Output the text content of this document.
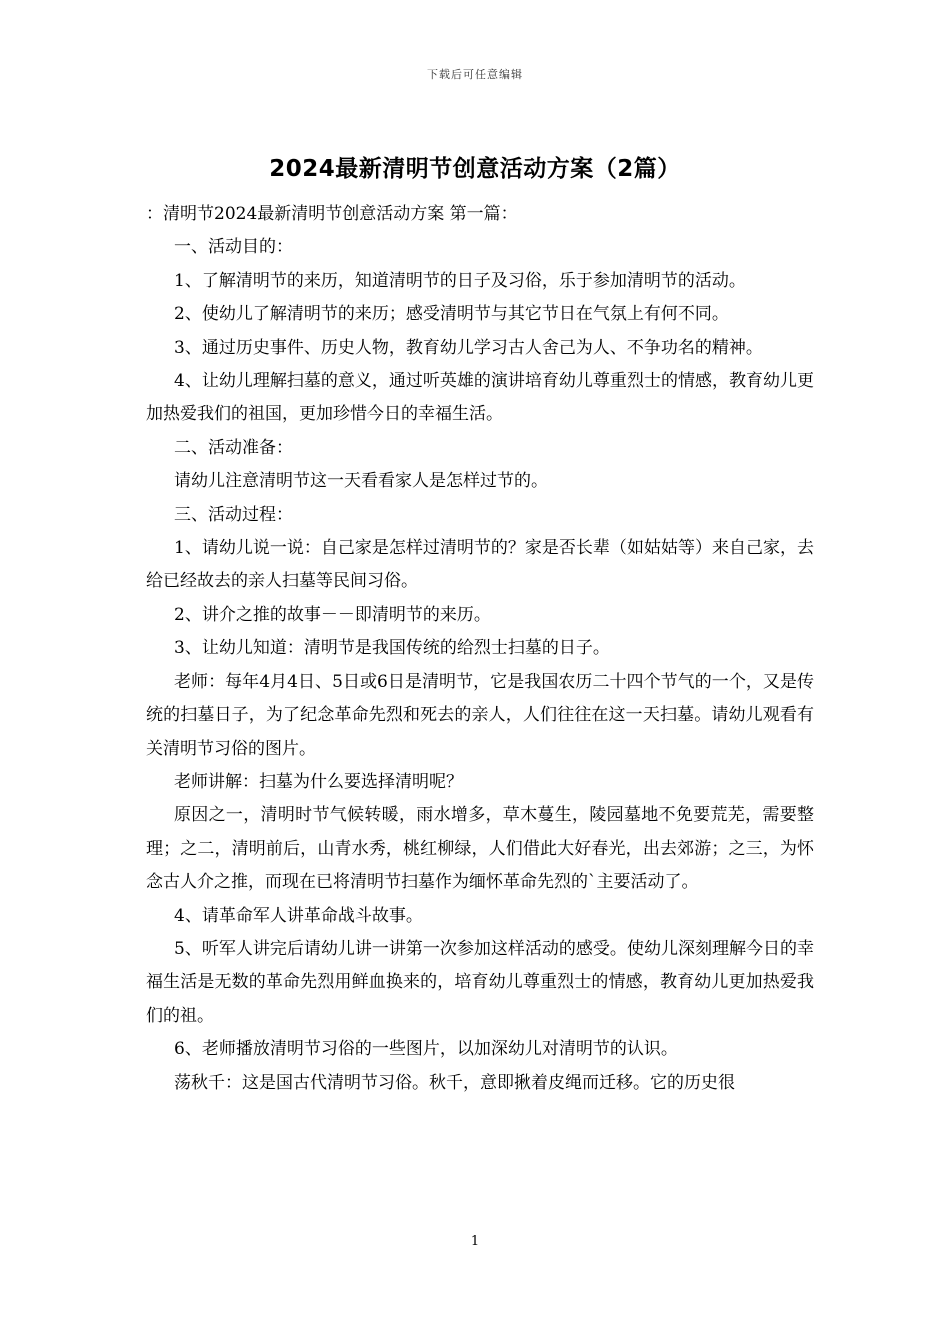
下载后可任意编辑
2024最新清明节创意活动方案（2篇）

：清明节2024最新清明节创意活动方案 第一篇：

一、活动目的：

1、了解清明节的来历，知道清明节的日子及习俗，乐于参加清明节的活动。

2、使幼儿了解清明节的来历；感受清明节与其它节日在气氛上有何不同。

3、通过历史事件、历史人物，教育幼儿学习古人舍己为人、不争功名的精神。

4、让幼儿理解扫墓的意义，通过听英雄的演讲培育幼儿尊重烈士的情感，教育幼儿更加热爱我们的祖国，更加珍惜今日的幸福生活。

二、活动准备：

请幼儿注意清明节这一天看看家人是怎样过节的。

三、活动过程：

1、请幼儿说一说：自己家是怎样过清明节的？家是否长辈（如姑姑等）来自己家，去给已经故去的亲人扫墓等民间习俗。

2、讲介之推的故事－－即清明节的来历。

3、让幼儿知道：清明节是我国传统的给烈士扫墓的日子。

老师：每年4月4日、5日或6日是清明节，它是我国农历二十四个节气的一个，又是传统的扫墓日子，为了纪念革命先烈和死去的亲人，人们往往在这一天扫墓。请幼儿观看有关清明节习俗的图片。

老师讲解：扫墓为什么要选择清明呢？

原因之一，清明时节气候转暖，雨水增多，草木蔓生，陵园墓地不免要荒芜，需要整理；之二，清明前后，山青水秀，桃红柳绿，人们借此大好春光，出去郊游；之三，为怀念古人介之推，而现在已将清明节扫墓作为缅怀革命先烈的`主要活动了。

4、请革命军人讲革命战斗故事。

5、听军人讲完后请幼儿讲一讲第一次参加这样活动的感受。使幼儿深刻理解今日的幸福生活是无数的革命先烈用鲜血换来的，培育幼儿尊重烈士的情感，教育幼儿更加热爱我们的祖。

6、老师播放清明节习俗的一些图片，以加深幼儿对清明节的认识。

荡秋千：这是国古代清明节习俗。秋千，意即揪着皮绳而迁移。它的历史很

1
